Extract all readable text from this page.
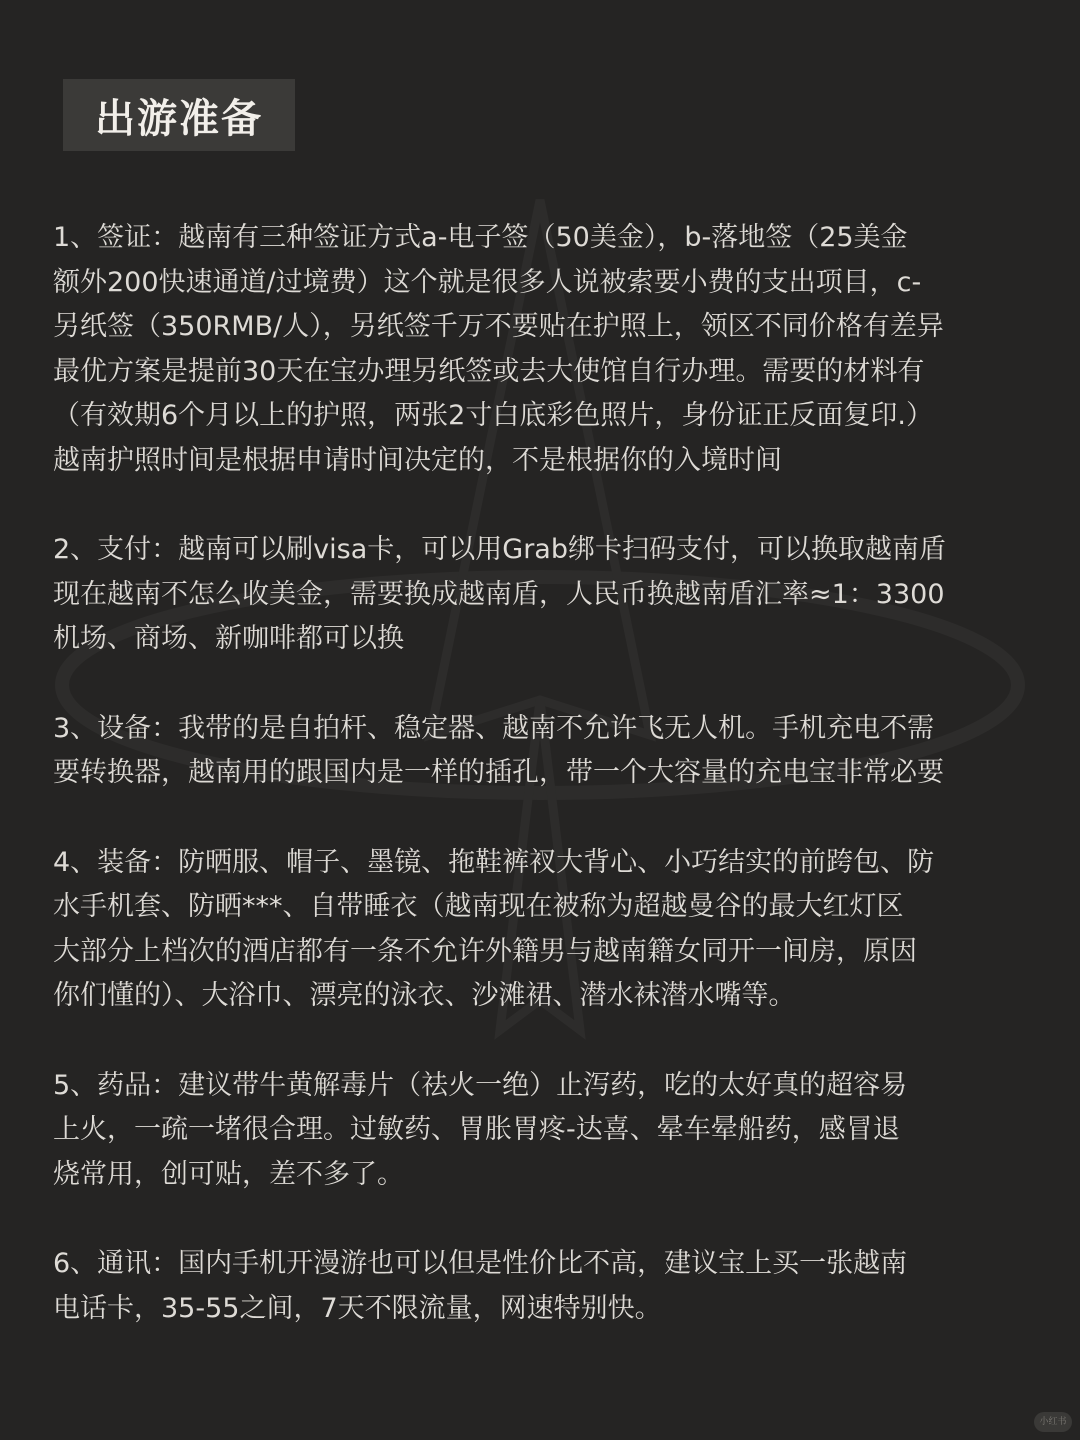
出游准备
1、签证：越南有三种签证方式a-电子签（50美金），b-落地签（25美金
额外200快速通道/过境费）这个就是很多人说被索要小费的支出项目，c-
另纸签（350RMB/人），另纸签千万不要贴在护照上，领区不同价格有差异
最优方案是提前30天在宝办理另纸签或去大使馆自行办理。需要的材料有
（有效期6个月以上的护照，两张2寸白底彩色照片，身份证正反面复印.）
越南护照时间是根据申请时间决定的，不是根据你的入境时间
2、支付：越南可以刷visa卡，可以用Grab绑卡扫码支付，可以换取越南盾
现在越南不怎么收美金，需要换成越南盾，人民币换越南盾汇率≈1：3300
机场、商场、新咖啡都可以换
3、设备：我带的是自拍杆、稳定器、越南不允许飞无人机。手机充电不需
要转换器，越南用的跟国内是一样的插孔，带一个大容量的充电宝非常必要
4、装备：防晒服、帽子、墨镜、拖鞋裤衩大背心、小巧结实的前跨包、防
水手机套、防晒***、自带睡衣（越南现在被称为超越曼谷的最大红灯区
大部分上档次的酒店都有一条不允许外籍男与越南籍女同开一间房，原因
你们懂的）、大浴巾、漂亮的泳衣、沙滩裙、潜水袜潜水嘴等。
5、药品：建议带牛黄解毒片（祛火一绝）止泻药，吃的太好真的超容易
上火，一疏一堵很合理。过敏药、胃胀胃疼-达喜、晕车晕船药，感冒退
烧常用，创可贴，差不多了。
6、通讯：国内手机开漫游也可以但是性价比不高，建议宝上买一张越南
电话卡，35-55之间，7天不限流量，网速特别快。
小红书
